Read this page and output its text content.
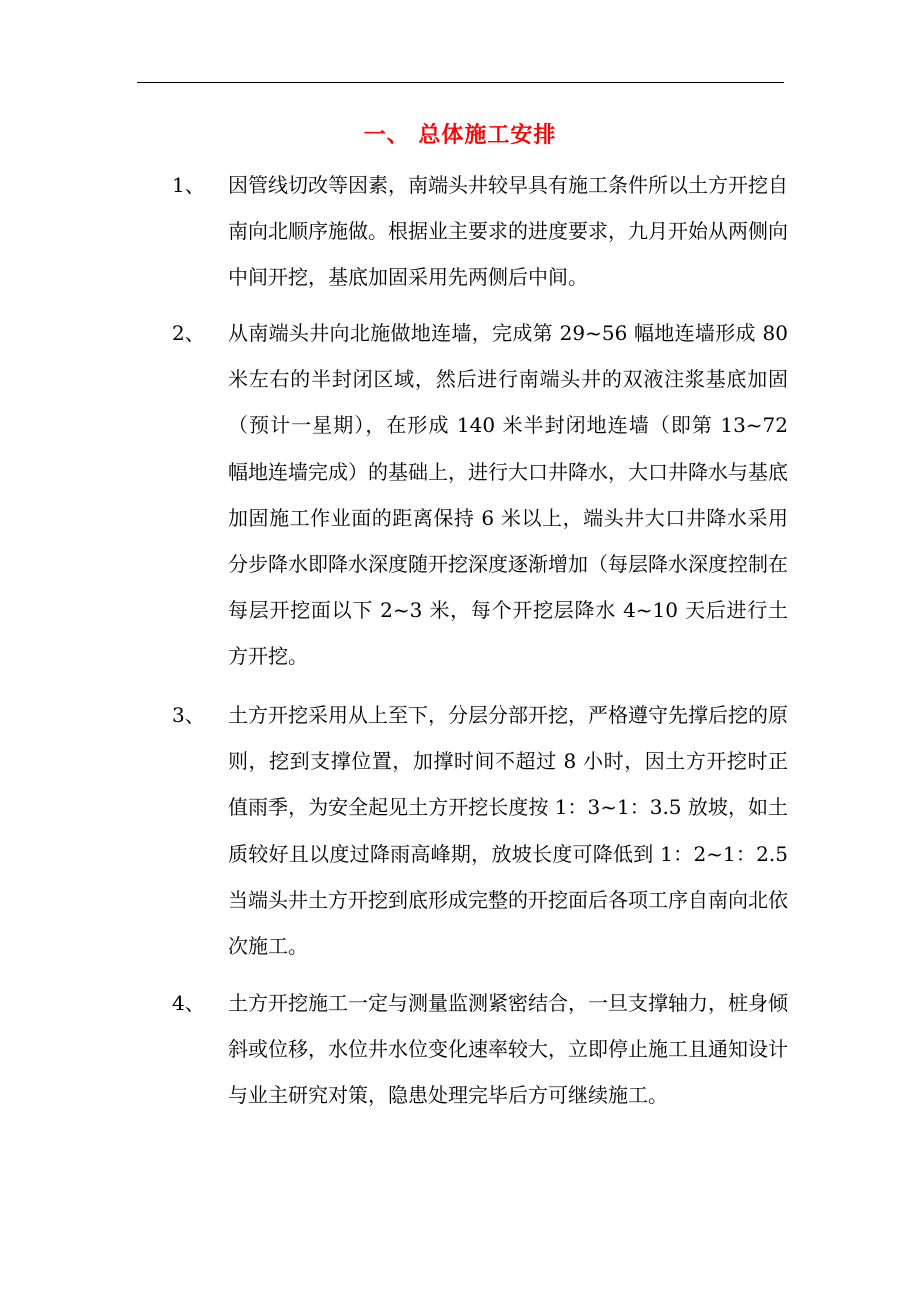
一、 总体施工安排
1、 因管线切改等因素，南端头井较早具有施工条件所以土方开挖自南向北顺序施做。根据业主要求的进度要求，九月开始从两侧向中间开挖，基底加固采用先两侧后中间。
2、 从南端头井向北施做地连墙，完成第 29~56 幅地连墙形成 80 米左右的半封闭区域，然后进行南端头井的双液注浆基底加固（预计一星期），在形成 140 米半封闭地连墙（即第 13~72 幅地连墙完成）的基础上，进行大口井降水，大口井降水与基底加固施工作业面的距离保持 6 米以上，端头井大口井降水采用分步降水即降水深度随开挖深度逐渐增加（每层降水深度控制在每层开挖面以下 2~3 米，每个开挖层降水 4~10 天后进行土方开挖。
3、 土方开挖采用从上至下，分层分部开挖，严格遵守先撑后挖的原则，挖到支撑位置，加撑时间不超过 8 小时，因土方开挖时正值雨季，为安全起见土方开挖长度按 1：3~1：3.5 放坡，如土质较好且以度过降雨高峰期，放坡长度可降低到 1：2~1：2.5 当端头井土方开挖到底形成完整的开挖面后各项工序自南向北依次施工。
4、 土方开挖施工一定与测量监测紧密结合，一旦支撑轴力，桩身倾斜或位移，水位井水位变化速率较大，立即停止施工且通知设计与业主研究对策，隐患处理完毕后方可继续施工。
